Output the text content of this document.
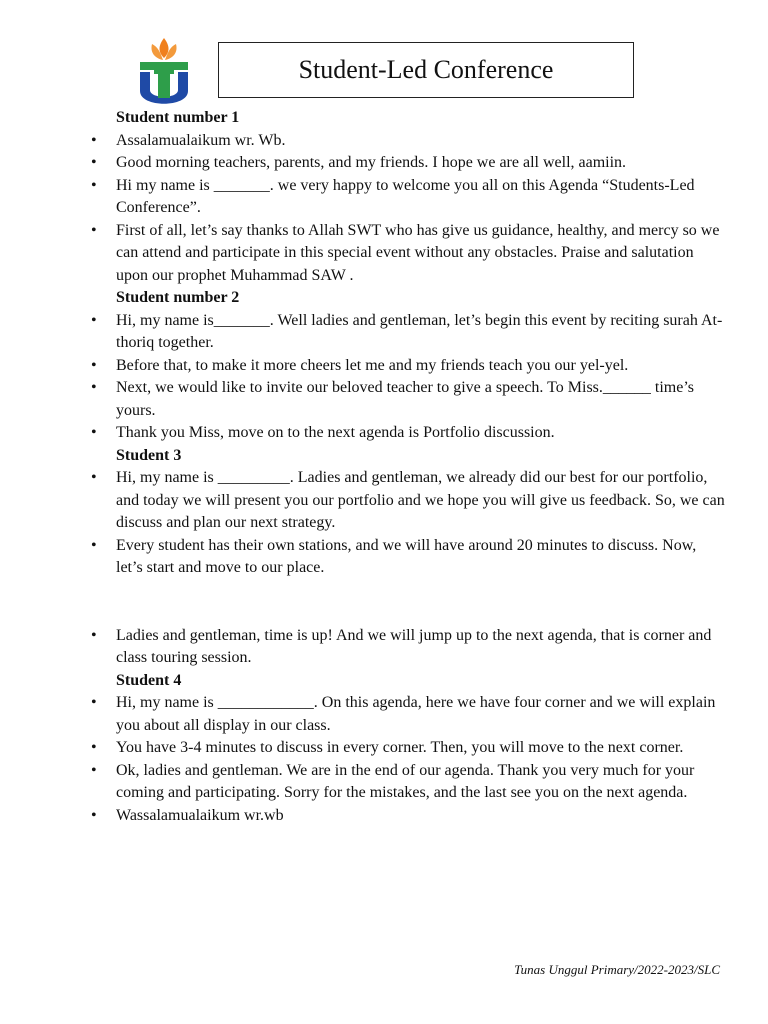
Student-Led Conference
Student number 1
• Assalamualaikum wr. Wb.
• Good morning teachers, parents, and my friends. I hope we are all well, aamiin.
• Hi my name is _______. we very happy to welcome you all on this Agenda “Students-Led Conference”.
• First of all, let’s say thanks to Allah SWT who has give us guidance, healthy, and mercy so we can attend and participate in this special event without any obstacles. Praise and salutation upon our prophet Muhammad SAW .
Student number 2
• Hi, my name is_______. Well ladies and gentleman, let’s begin this event by reciting surah At-thoriq together.
• Before that, to make it more cheers let me and my friends teach you our yel-yel.
• Next, we would like to invite our beloved teacher to give a speech. To Miss.______ time’s yours.
• Thank you Miss, move on to the next agenda is Portfolio discussion.
Student 3
• Hi, my name is _________. Ladies and gentleman, we already did our best for our portfolio, and today we will present you our portfolio and we hope you will give us feedback. So, we can discuss and plan our next strategy.
• Every student has their own stations, and we will have around 20 minutes to discuss. Now, let’s start and move to our place.
• Ladies and gentleman, time is up! And we will jump up to the next agenda, that is corner and class touring session.
Student 4
• Hi, my name is ____________. On this agenda, here we have four corner and we will explain you about all display in our class.
• You have 3-4 minutes to discuss in every corner. Then, you will move to the next corner.
• Ok, ladies and gentleman. We are in the end of our agenda. Thank you very much for your coming and participating. Sorry for the mistakes, and the last see you on the next agenda.
• Wassalamualaikum wr.wb
Tunas Unggul Primary/2022-2023/SLC
